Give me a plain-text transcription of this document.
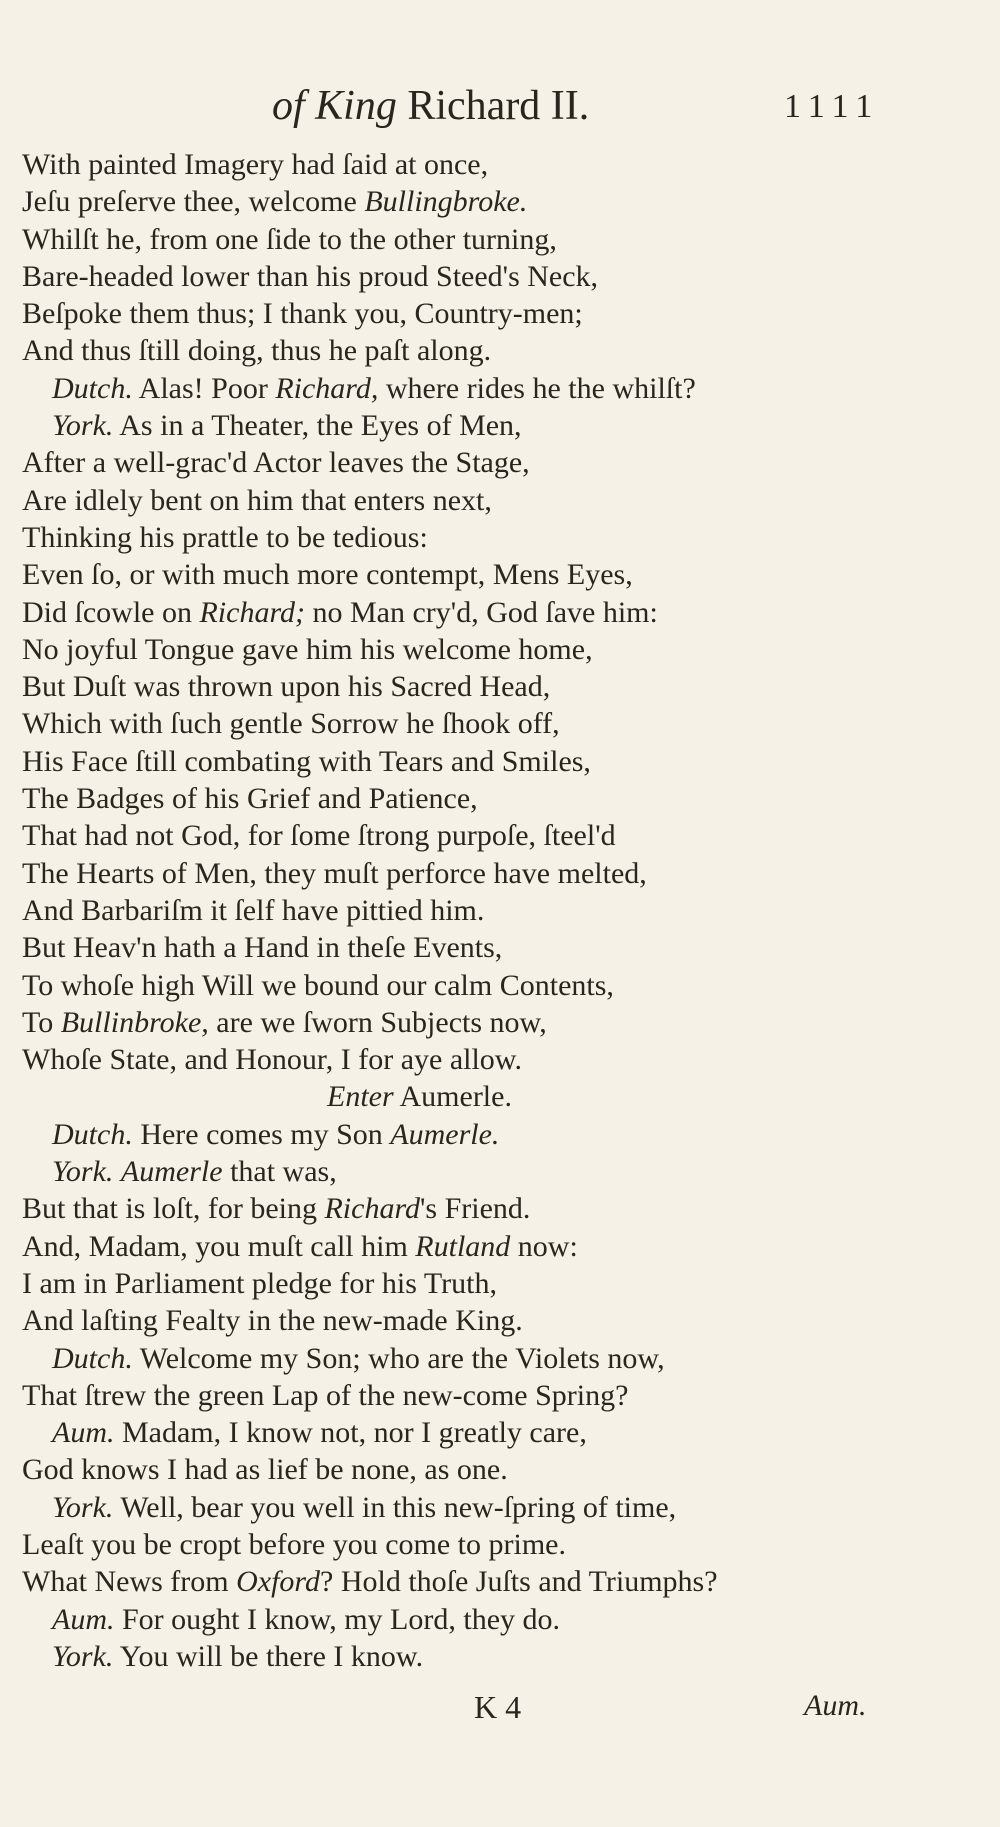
of King Richard II.	1111
With painted Imagery had ſaid at once,
Jeſu preſerve thee, welcome Bullingbroke.
Whilſt he, from one ſide to the other turning,
Bare-headed lower than his proud Steed's Neck,
Beſpoke them thus; I thank you, Country-men;
And thus ſtill doing, thus he paſt along.
Dutch. Alas! Poor Richard, where rides he the whilſt?
York. As in a Theater, the Eyes of Men,
After a well-grac'd Actor leaves the Stage,
Are idlely bent on him that enters next,
Thinking his prattle to be tedious:
Even ſo, or with much more contempt, Mens Eyes,
Did ſcowle on Richard; no Man cry'd, God ſave him:
No joyful Tongue gave him his welcome home,
But Duſt was thrown upon his Sacred Head,
Which with ſuch gentle Sorrow he ſhook off,
His Face ſtill combating with Tears and Smiles,
The Badges of his Grief and Patience,
That had not God, for ſome ſtrong purpoſe, ſteel'd
The Hearts of Men, they muſt perforce have melted,
And Barbariſm it ſelf have pittied him.
But Heav'n hath a Hand in theſe Events,
To whoſe high Will we bound our calm Contents,
To Bullinbroke, are we ſworn Subjects now,
Whoſe State, and Honour, I for aye allow.
Enter Aumerle.
Dutch. Here comes my Son Aumerle.
York. Aumerle that was,
But that is loſt, for being Richard's Friend.
And, Madam, you muſt call him Rutland now:
I am in Parliament pledge for his Truth,
And laſting Fealty in the new-made King.
Dutch. Welcome my Son; who are the Violets now,
That ſtrew the green Lap of the new-come Spring?
Aum. Madam, I know not, nor I greatly care,
God knows I had as lief be none, as one.
York. Well, bear you well in this new-ſpring of time,
Leaſt you be cropt before you come to prime.
What News from Oxford? Hold thoſe Juſts and Triumphs?
Aum. For ought I know, my Lord, they do.
York. You will be there I know.
K 4	Aum.
